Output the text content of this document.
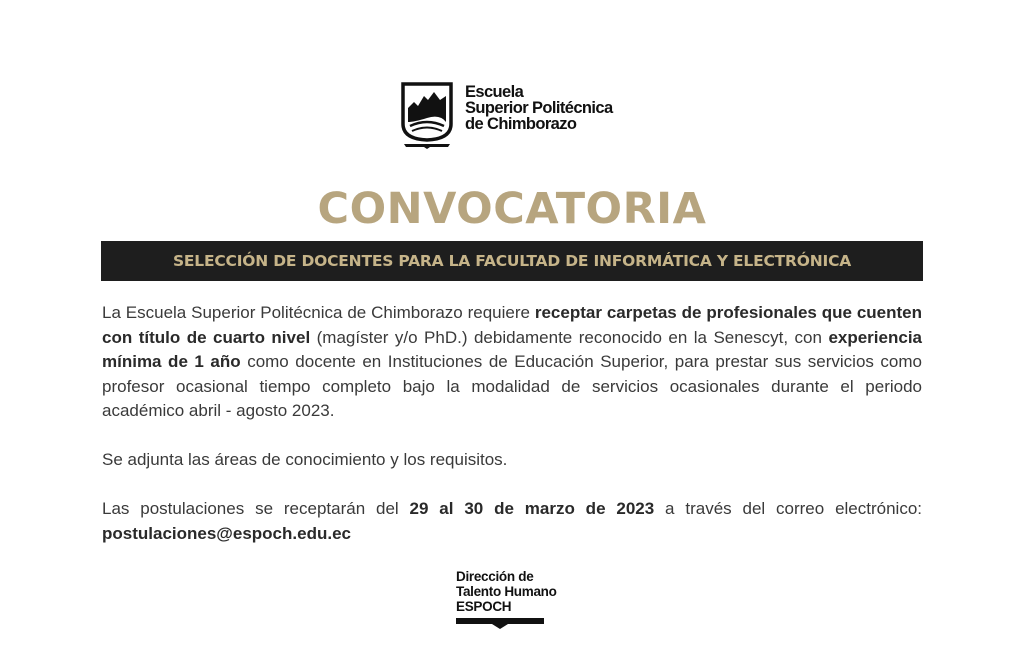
Escuela
Superior Politécnica
de Chimborazo
CONVOCATORIA
SELECCIÓN DE DOCENTES PARA LA FACULTAD DE INFORMÁTICA Y ELECTRÓNICA

La Escuela Superior Politécnica de Chimborazo requiere receptar carpetas de profesionales que cuenten con título de cuarto nivel (magíster y/o PhD.) debidamente reconocido en la Senescyt, con experiencia mínima de 1 año como docente en Instituciones de Educación Superior, para prestar sus servicios como profesor ocasional tiempo completo bajo la modalidad de servicios ocasionales durante el periodo académico abril - agosto 2023.

Se adjunta las áreas de conocimiento y los requisitos.

Las postulaciones se receptarán del 29 al 30 de marzo de 2023 a través del correo electrónico: postulaciones@espoch.edu.ec

Dirección de
Talento Humano
ESPOCH
